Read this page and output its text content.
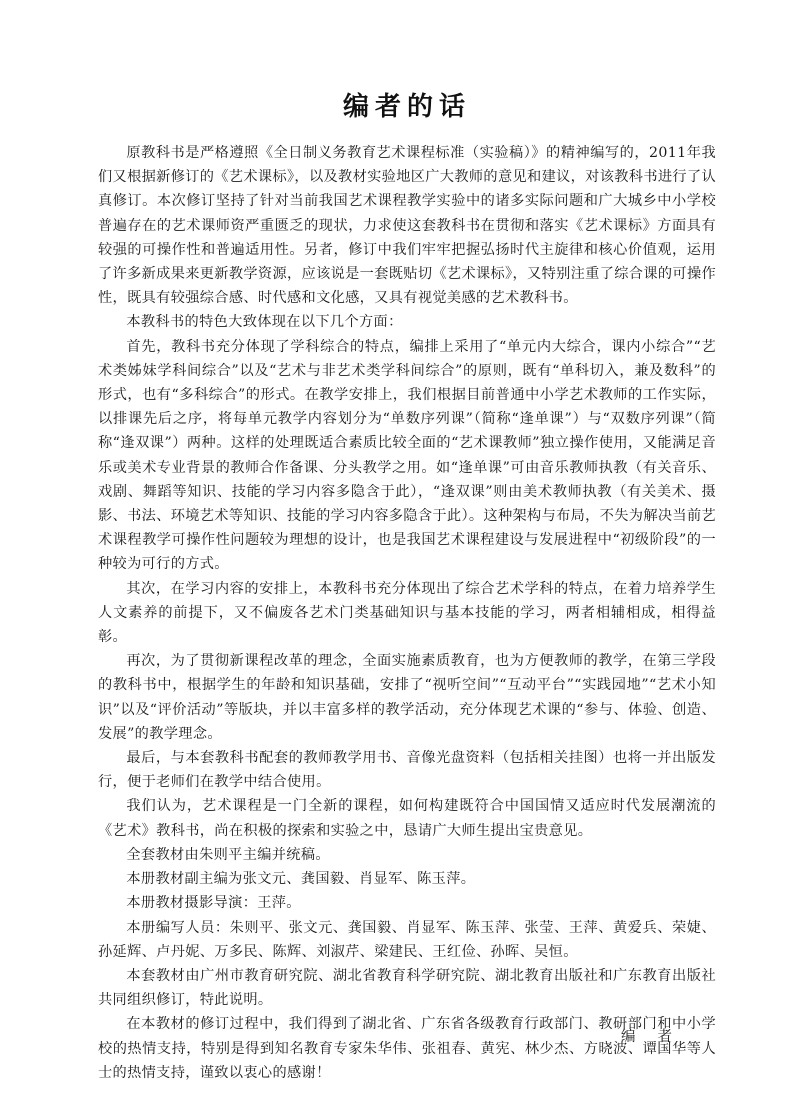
编者的话

原教科书是严格遵照《全日制义务教育艺术课程标准（实验稿）》的精神编写的，2011年我们又根据新修订的《艺术课标》，以及教材实验地区广大教师的意见和建议，对该教科书进行了认真修订。本次修订坚持了针对当前我国艺术课程教学实验中的诸多实际问题和广大城乡中小学校普遍存在的艺术课师资严重匮乏的现状，力求使这套教科书在贯彻和落实《艺术课标》方面具有较强的可操作性和普遍适用性。另者，修订中我们牢牢把握弘扬时代主旋律和核心价值观，运用了许多新成果来更新教学资源，应该说是一套既贴切《艺术课标》，又特别注重了综合课的可操作性，既具有较强综合感、时代感和文化感，又具有视觉美感的艺术教科书。

本教科书的特色大致体现在以下几个方面：

首先，教科书充分体现了学科综合的特点，编排上采用了“单元内大综合，课内小综合”“艺术类姊妹学科间综合”以及“艺术与非艺术类学科间综合”的原则，既有“单科切入，兼及数科”的形式，也有“多科综合”的形式。在教学安排上，我们根据目前普通中小学艺术教师的工作实际，以排课先后之序，将每单元教学内容划分为“单数序列课”（简称“逢单课”）与“双数序列课”（简称“逢双课”）两种。这样的处理既适合素质比较全面的“艺术课教师”独立操作使用，又能满足音乐或美术专业背景的教师合作备课、分头教学之用。如“逢单课”可由音乐教师执教（有关音乐、戏剧、舞蹈等知识、技能的学习内容多隐含于此），“逢双课”则由美术教师执教（有关美术、摄影、书法、环境艺术等知识、技能的学习内容多隐含于此）。这种架构与布局，不失为解决当前艺术课程教学可操作性问题较为理想的设计，也是我国艺术课程建设与发展进程中“初级阶段”的一种较为可行的方式。

其次，在学习内容的安排上，本教科书充分体现出了综合艺术学科的特点，在着力培养学生人文素养的前提下，又不偏废各艺术门类基础知识与基本技能的学习，两者相辅相成，相得益彰。

再次，为了贯彻新课程改革的理念，全面实施素质教育，也为方便教师的教学，在第三学段的教科书中，根据学生的年龄和知识基础，安排了“视听空间”“互动平台”“实践园地”“艺术小知识”以及“评价活动”等版块，并以丰富多样的教学活动，充分体现艺术课的“参与、体验、创造、发展”的教学理念。

最后，与本套教科书配套的教师教学用书、音像光盘资料（包括相关挂图）也将一并出版发行，便于老师们在教学中结合使用。

我们认为，艺术课程是一门全新的课程，如何构建既符合中国国情又适应时代发展潮流的《艺术》教科书，尚在积极的探索和实验之中，恳请广大师生提出宝贵意见。

全套教材由朱则平主编并统稿。

本册教材副主编为张文元、龚国毅、肖显军、陈玉萍。

本册教材摄影导演：王萍。

本册编写人员：朱则平、张文元、龚国毅、肖显军、陈玉萍、张莹、王萍、黄爱兵、荣婕、孙延辉、卢丹妮、万多民、陈辉、刘淑芹、梁建民、王红俭、孙晖、吴恒。

本套教材由广州市教育研究院、湖北省教育科学研究院、湖北教育出版社和广东教育出版社共同组织修订，特此说明。

在本教材的修订过程中，我们得到了湖北省、广东省各级教育行政部门、教研部门和中小学校的热情支持，特别是得到知名教育专家朱华伟、张祖春、黄宪、林少杰、方晓波、谭国华等人士的热情支持，谨致以衷心的感谢！

编者
